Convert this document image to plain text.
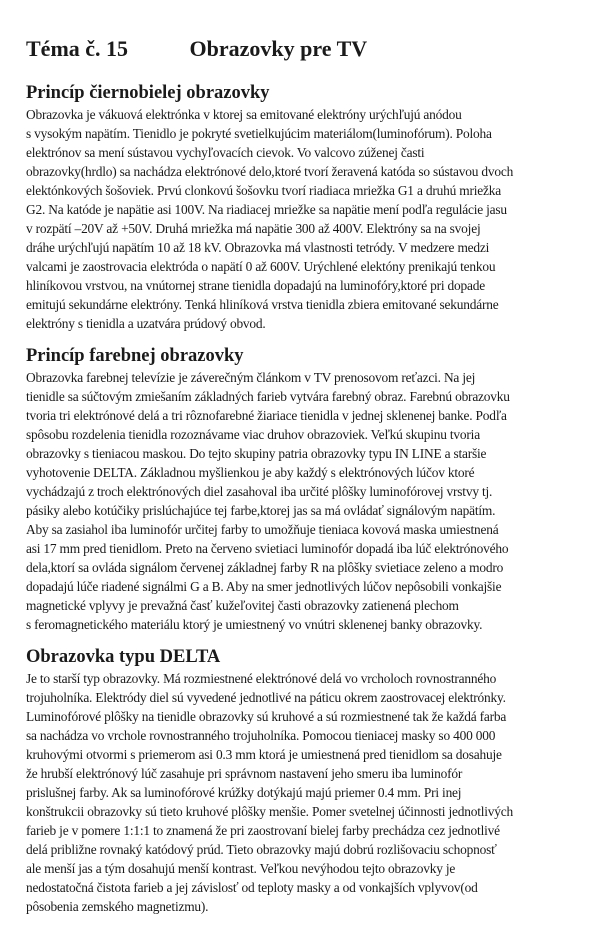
Téma č. 15	Obrazovky pre TV
Princíp čiernobielej obrazovky
Obrazovka je vákuová elektrónka v ktorej sa emitované elektróny urýchľujú anódou
s vysokým napätím. Tienidlo je pokryté svetielkujúcim materiálom(luminofórum). Poloha
elektrónov sa mení sústavou vychyľovacích cievok. Vo valcovo zúženej časti
obrazovky(hrdlo) sa nachádza elektrónové delo,ktoré tvorí žeravená katóda so sústavou dvoch
elektónkových šošoviek. Prvú clonkovú šošovku tvorí riadiaca mriežka G1 a druhú mriežka
G2. Na katóde je napätie asi 100V. Na riadiacej mriežke sa napätie mení podľa regulácie jasu
v rozpätí –20V až +50V. Druhá mriežka má napätie 300 až 400V. Elektróny sa na svojej
dráhe urýchľujú napätím 10 až 18 kV. Obrazovka má vlastnosti tetródy. V medzere medzi
valcami je zaostrovacia elektróda o napätí 0 až 600V. Urýchlené elektóny prenikajú tenkou
hliníkovou vrstvou, na vnútornej strane tienidla dopadajú na luminofóry,ktoré pri dopade
emitujú sekundárne elektróny. Tenká hliníková vrstva tienidla zbiera emitované sekundárne
elektróny s tienidla a uzatvára prúdový obvod.
Princíp farebnej obrazovky
Obrazovka farebnej televízie je záverečným článkom v TV prenosovom reťazci. Na jej
tienidle sa súčtovým zmiešaním základných farieb vytvára farebný obraz. Farebnú obrazovku
tvoria tri elektrónové delá a tri rôznofarebné žiariace tienidla v jednej sklenenej banke. Podľa
spôsobu rozdelenia tienidla rozoznávame viac druhov obrazoviek. Veľkú skupinu tvoria
obrazovky s tieniacou maskou. Do tejto skupiny patria obrazovky typu IN LINE a staršie
vyhotovenie DELTA. Základnou myšlienkou je aby každý s elektrónových lúčov ktoré
vychádzajú z troch elektrónových diel zasahoval iba určité plôšky luminofórovej vrstvy tj.
pásiky alebo kotúčiky prislúchajúce tej farbe,ktorej jas sa má ovládať signálovým napätím.
Aby sa zasiahol iba luminofór určitej farby to umožňuje tieniaca kovová maska umiestnená
asi 17 mm pred tienidlom. Preto na červeno svietiaci luminofór dopadá iba lúč elektrónového
dela,ktorí sa ovláda signálom červenej základnej farby R na plôšky svietiace zeleno a modro
dopadajú lúče riadené signálmi G a B. Aby na smer jednotlivých lúčov nepôsobili vonkajšie
magnetické vplyvy je prevažná časť kužeľovitej časti obrazovky zatienená plechom
s feromagnetického materiálu ktorý je umiestnený vo vnútri sklenenej banky obrazovky.
Obrazovka typu DELTA
Je to starší typ obrazovky. Má rozmiestnené elektrónové delá vo vrcholoch rovnostranného
trojuholníka. Elektródy diel sú vyvedené jednotlivé na páticu okrem zaostrovacej elektrónky.
Luminofórové plôšky na tienidle obrazovky sú kruhové a sú rozmiestnené tak že každá farba
sa nachádza vo vrchole rovnostranného trojuholníka. Pomocou tieniacej masky so 400 000
kruhovými otvormi s priemerom asi 0.3 mm ktorá je umiestnená pred tienidlom sa dosahuje
že hrubší elektrónový lúč zasahuje pri správnom nastavení jeho smeru iba luminofór
prislušnej farby. Ak sa luminofórové krúžky dotýkajú majú priemer 0.4 mm. Pri inej
konštrukcii obrazovky sú tieto kruhové plôšky menšie. Pomer svetelnej účinnosti jednotlivých
farieb je v pomere 1:1:1 to znamená že pri zaostrovaní bielej farby prechádza cez jednotlivé
delá približne rovnaký katódový prúd. Tieto obrazovky majú dobrú rozlišovaciu schopnosť
ale menší jas a tým dosahujú menší kontrast. Veľkou nevýhodou tejto obrazovky je
nedostatočná čistota farieb a jej závislosť od teploty masky a od vonkajších vplyvov(od
pôsobenia zemského magnetizmu).
